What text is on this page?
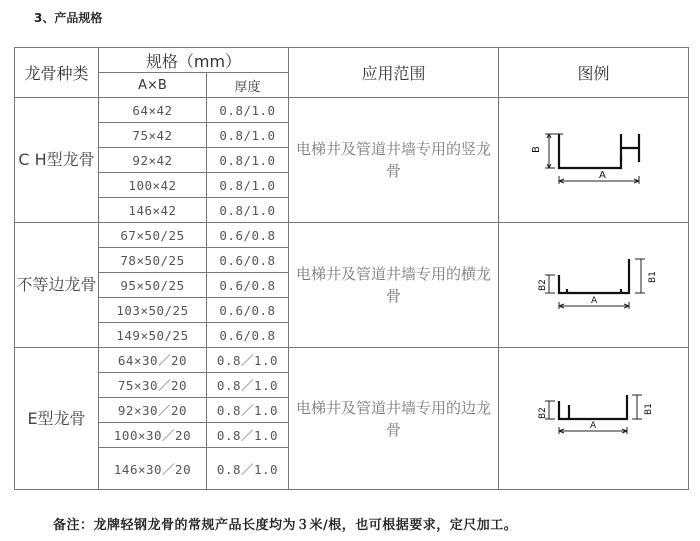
3、产品规格
龙骨种类	规格（mm）		应用范围	图例
	A×B	厚度		
C H型龙骨	64×42	0.8/1.0	电梯井及管道井墙专用的竖龙骨	B
A

	75×42	0.8/1.0		
	92×42	0.8/1.0		
	100×42	0.8/1.0		
	146×42	0.8/1.0		
不等边龙骨	67×50/25	0.6/0.8	电梯井及管道井墙专用的横龙骨	B2
B1
A

	78×50/25	0.6/0.8		
	95×50/25	0.6/0.8		
	103×50/25	0.6/0.8		
	149×50/25	0.6/0.8		
E型龙骨	64×30／20	0.8／1.0	电梯井及管道井墙专用的边龙骨	B2 B1
A

	75×30／20	0.8／1.0		
	92×30／20	0.8／1.0		
	100×30／20	0.8／1.0		
	146×30／20	0.8／1.0		
备注：龙牌轻钢龙骨的常规产品长度均为３米/根，也可根据要求，定尺加工。
